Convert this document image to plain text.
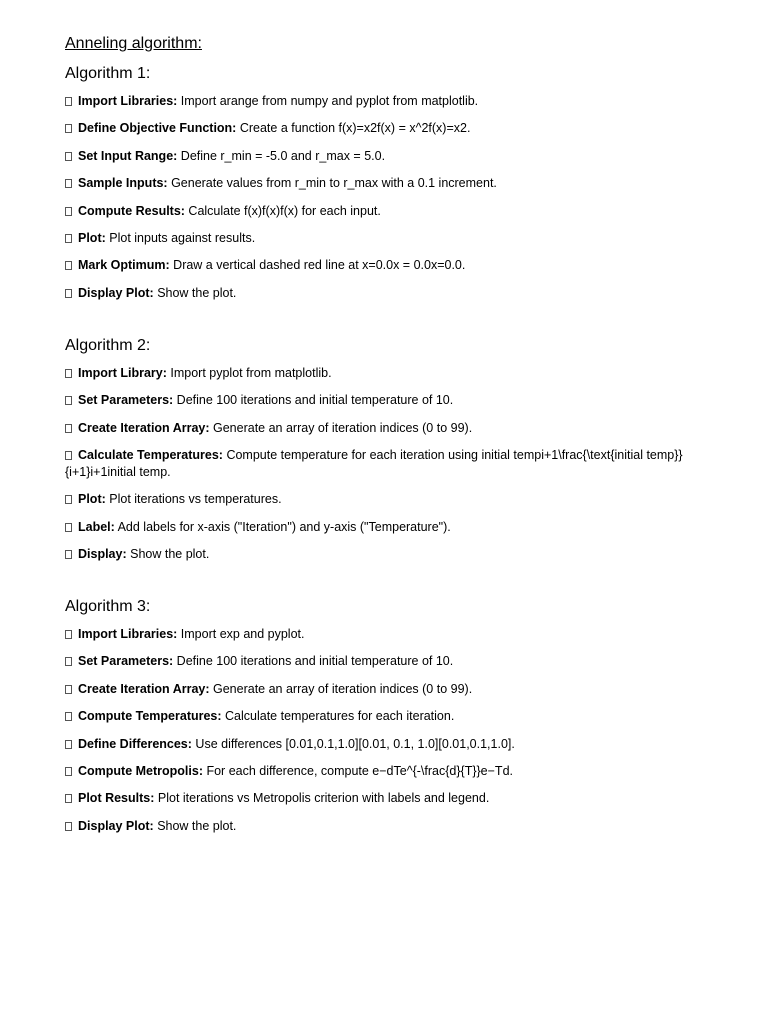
Anneling algorithm:
Algorithm 1:
Import Libraries: Import arange from numpy and pyplot from matplotlib.
Define Objective Function: Create a function f(x)=x2f(x) = x^2f(x)=x2.
Set Input Range: Define r_min = -5.0 and r_max = 5.0.
Sample Inputs: Generate values from r_min to r_max with a 0.1 increment.
Compute Results: Calculate f(x)f(x)f(x) for each input.
Plot: Plot inputs against results.
Mark Optimum: Draw a vertical dashed red line at x=0.0x = 0.0x=0.0.
Display Plot: Show the plot.
Algorithm 2:
Import Library: Import pyplot from matplotlib.
Set Parameters: Define 100 iterations and initial temperature of 10.
Create Iteration Array: Generate an array of iteration indices (0 to 99).
Calculate Temperatures: Compute temperature for each iteration using initial tempi+1\frac{\text{initial temp}}{i+1}i+1initial temp.
Plot: Plot iterations vs temperatures.
Label: Add labels for x-axis ("Iteration") and y-axis ("Temperature").
Display: Show the plot.
Algorithm 3:
Import Libraries: Import exp and pyplot.
Set Parameters: Define 100 iterations and initial temperature of 10.
Create Iteration Array: Generate an array of iteration indices (0 to 99).
Compute Temperatures: Calculate temperatures for each iteration.
Define Differences: Use differences [0.01,0.1,1.0][0.01, 0.1, 1.0][0.01,0.1,1.0].
Compute Metropolis: For each difference, compute e−dTe^{-\frac{d}{T}}e−Td.
Plot Results: Plot iterations vs Metropolis criterion with labels and legend.
Display Plot: Show the plot.
